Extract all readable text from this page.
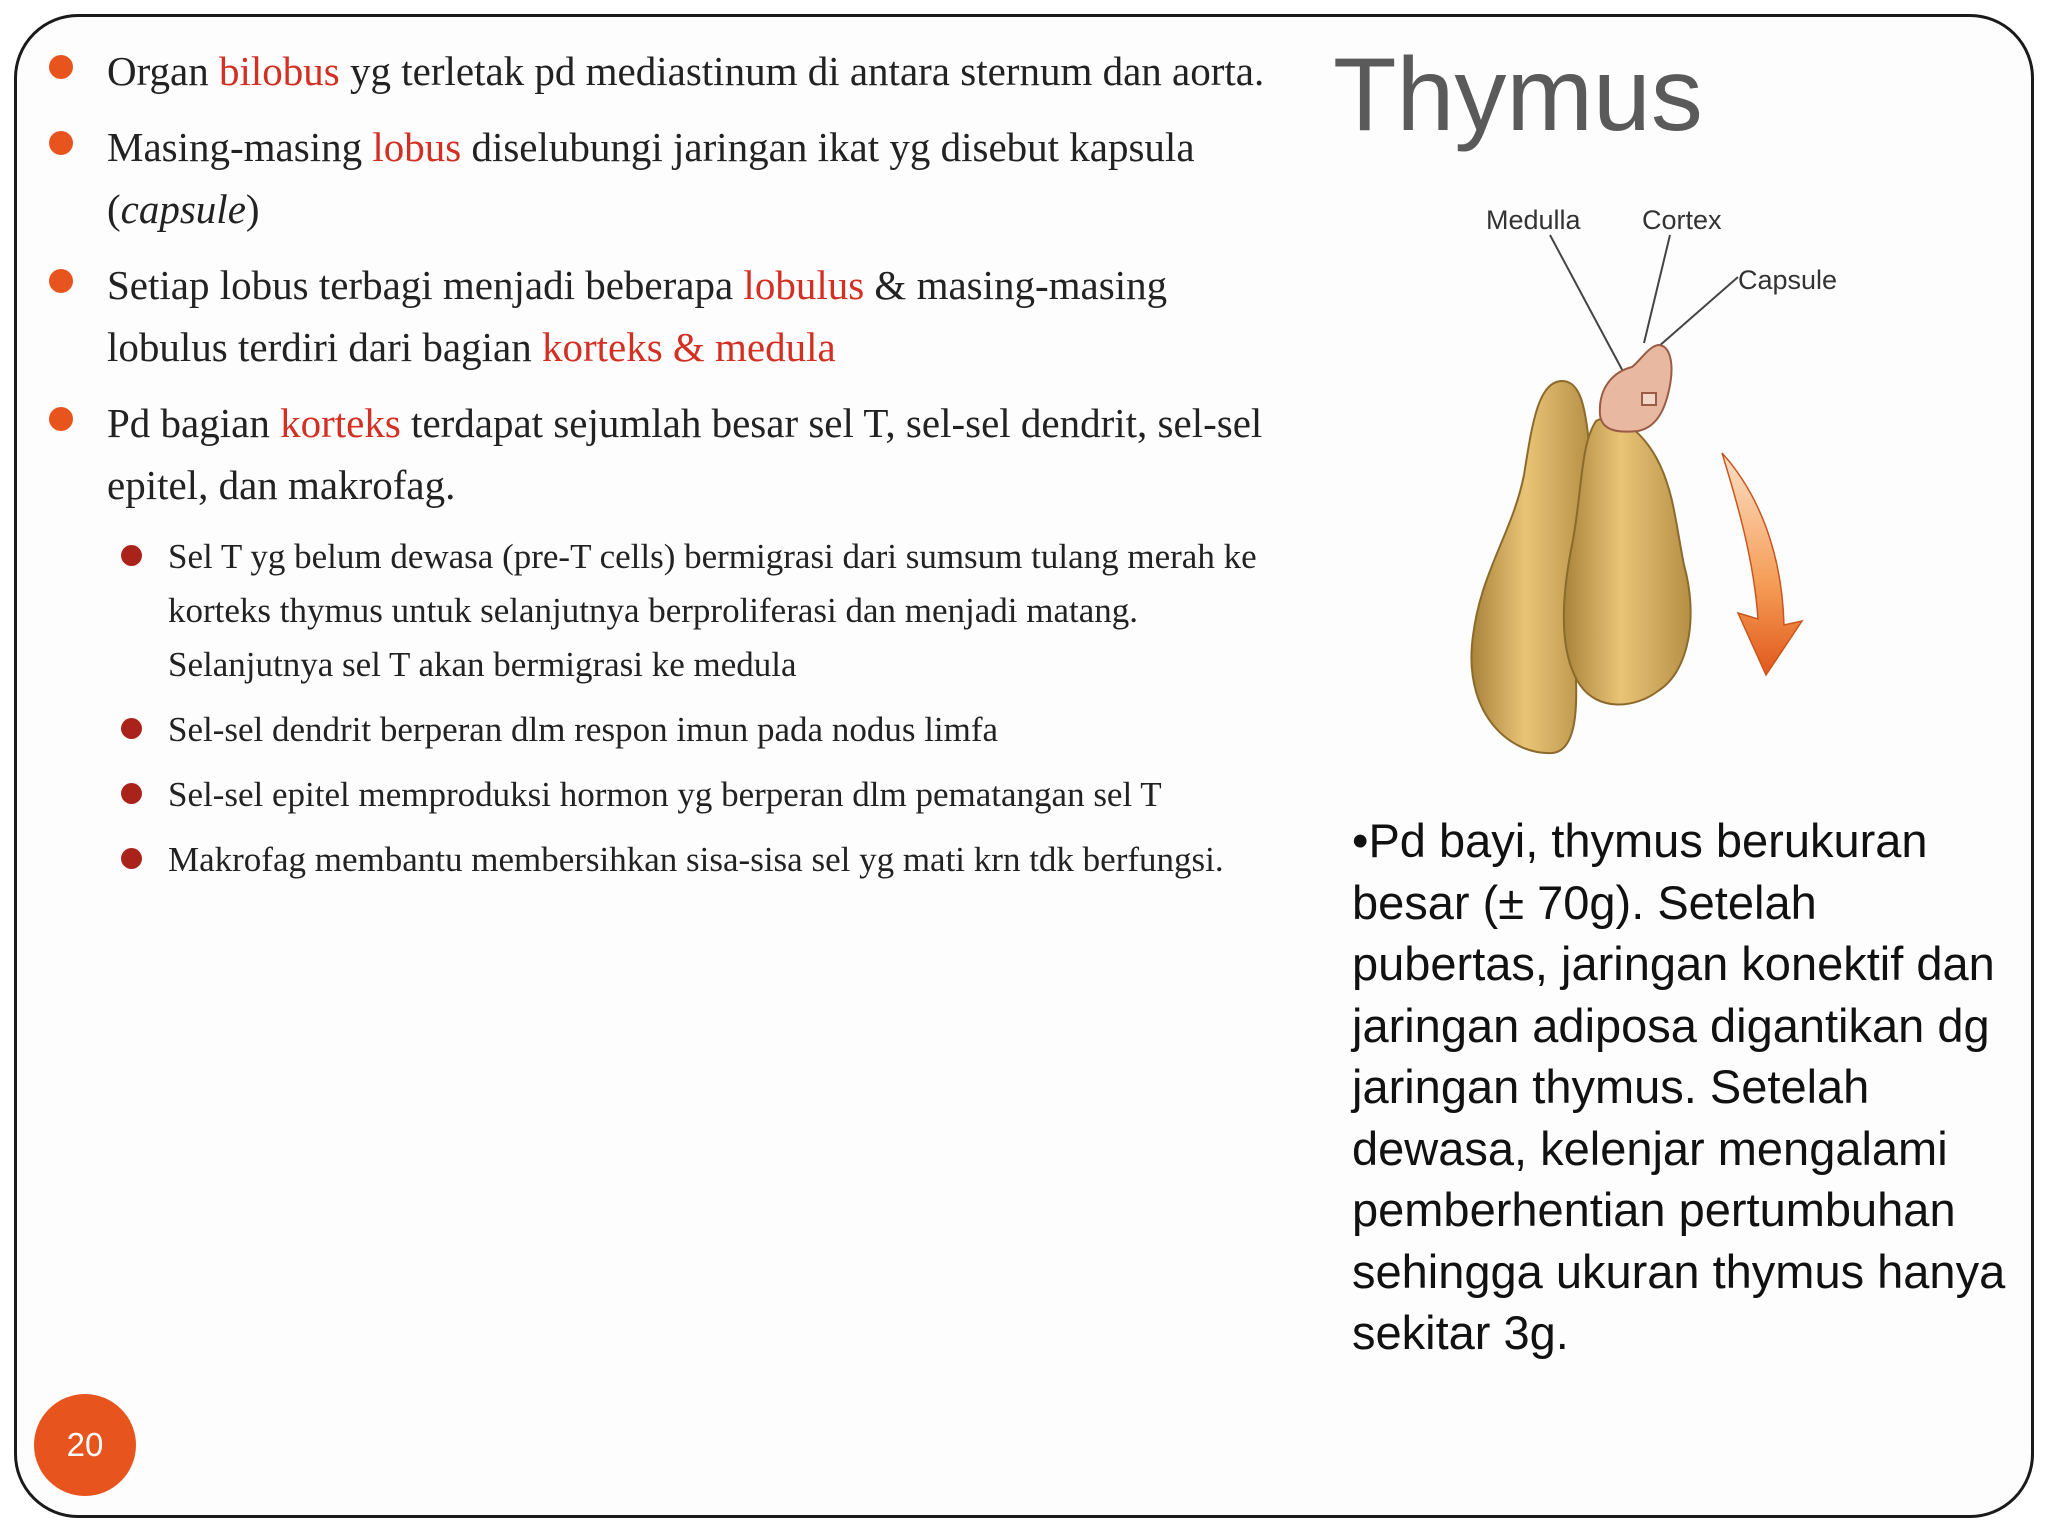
Organ bilobus yg terletak pd mediastinum di antara sternum dan aorta.
Masing-masing lobus diselubungi jaringan ikat yg disebut kapsula (capsule)
Setiap lobus terbagi menjadi beberapa lobulus & masing-masing lobulus terdiri dari bagian korteks & medula
Pd bagian korteks terdapat sejumlah besar sel T, sel-sel dendrit, sel-sel epitel, dan makrofag.
Sel T yg belum dewasa (pre-T cells) bermigrasi dari sumsum tulang merah ke korteks thymus untuk selanjutnya berproliferasi dan menjadi matang. Selanjutnya sel T akan bermigrasi ke medula
Sel-sel dendrit berperan dlm respon imun pada nodus limfa
Sel-sel epitel memproduksi hormon yg berperan dlm pematangan sel T
Makrofag membantu membersihkan sisa-sisa sel yg mati krn tdk berfungsi.
Thymus
Medulla Cortex
Capsule
•Pd bayi, thymus berukuran besar (± 70g). Setelah pubertas, jaringan konektif dan jaringan adiposa digantikan dg jaringan thymus. Setelah dewasa, kelenjar mengalami pemberhentian pertumbuhan sehingga ukuran thymus hanya sekitar 3g.
20
